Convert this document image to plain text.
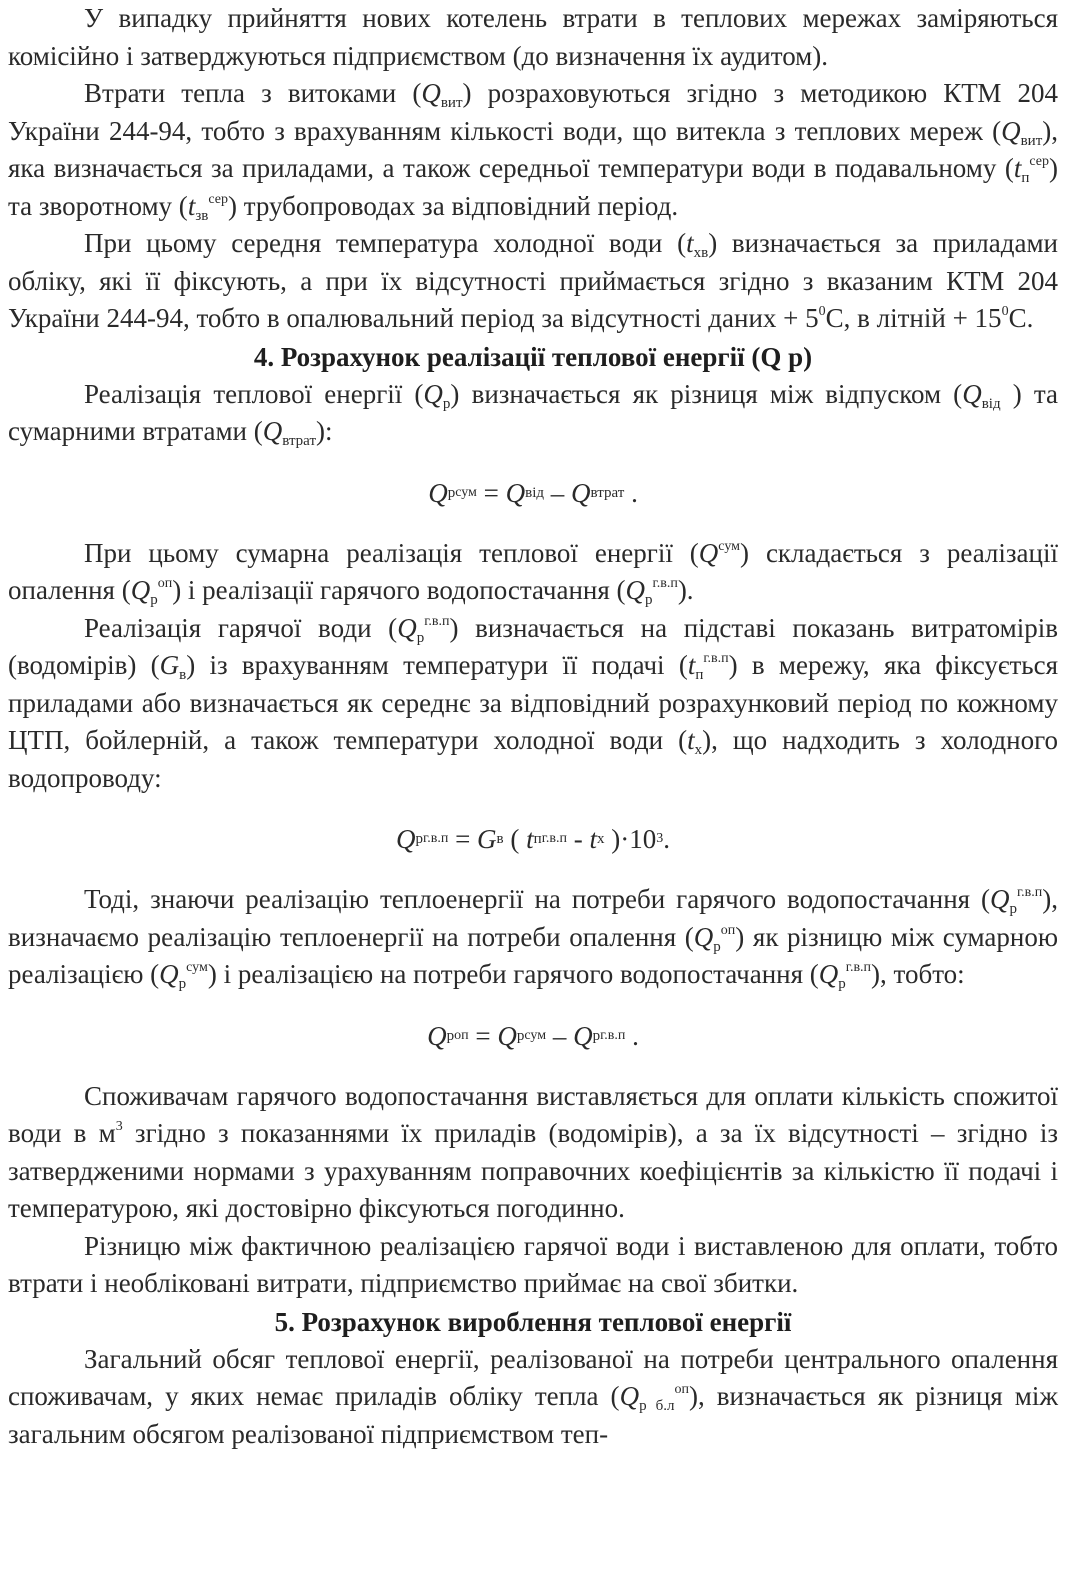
У випадку прийняття нових котелень втрати в теплових мережах заміряються комісійно і затверджуються підприємством (до визначення їх аудитом).

Втрати тепла з витоками $(Q_{вит})$ розраховуються згідно з методикою КТМ 204 України 244-94, тобто з врахуванням кількості води, що витекла з теплових мереж $(Q_{вит})$, яка визначається за приладами, а також середньої температури води в подавальному $(t_п^{сер})$ та зворотному $(t_{зв}^{сер})$ трубопроводах за відповідний період.

При цьому середня температура холодної води $(t_{хв})$ визначається за приладами обліку, які її фіксують, а при їх відсутності приймається згідно з вказаним КТМ 204 України 244-94, тобто в опалювальний період за відсутності даних + $5^0С$, в літній + $15^0С$.

4. Розрахунок реалізації теплової енергії (Q р)

Реалізація теплової енергії $(Q_р)$ визначається як різниця між відпуском ($Q_{від}$ ) та сумарними втратами $(Q_{втрат})$:

Q р сум
=
Q від
–
Q втрат
.

При цьому сумарна реалізація теплової енергії $(Q^{сум})$ складається з реалізації опалення $(Q_р^{оп})$ і реалізації гарячого водопостачання $(Q_р^{г.в.п})$.

Реалізація гарячої води $(Q_р^{г.в.п})$ визначається на підставі показань витратомірів (водомірів) $(G_в)$ із врахуванням температури її подачі $(t_п^{г.в.п})$ в мережу, яка фіксується приладами або визначається як середнє за відповідний розрахунковий період по кожному ЦТП, бойлерній, а також температури холодної води $(t_х)$, що надходить з холодного водопроводу:

Q р г.в.п
=
G в
(
t п г.в.п
-
t х
)·10 3 .

Тоді, знаючи реалізацію теплоенергії на потреби гарячого водопостачання $(Q_р^{г.в.п})$, визначаємо реалізацію теплоенергії на потреби опалення $(Q_р^{оп})$ як різницю між сумарною реалізацією $(Q_р^{сум})$ і реалізацією на потреби гарячого водопостачання $(Q_р^{г.в.п})$, тобто:

Q р оп
=
Q р сум
–
Q р г.в.п
.

Споживачам гарячого водопостачання виставляється для оплати кількість спожитої води в $м^3$ згідно з показаннями їх приладів (водомірів), а за їх відсутності – згідно із затвердженими нормами з урахуванням поправочних коефіцієнтів за кількістю її подачі і температурою, які достовірно фіксуються погодинно.

Різницю між фактичною реалізацією гарячої води і виставленою для оплати, тобто втрати і необліковані витрати, підприємство приймає на свої збитки.

5. Розрахунок вироблення теплової енергії

Загальний обсяг теплової енергії, реалізованої на потреби центрального опалення споживачам, у яких немає приладів обліку тепла $(Q_{р б.л}^{оп})$, визначається як різниця між загальним обсягом реалізованої підприємством теп-
